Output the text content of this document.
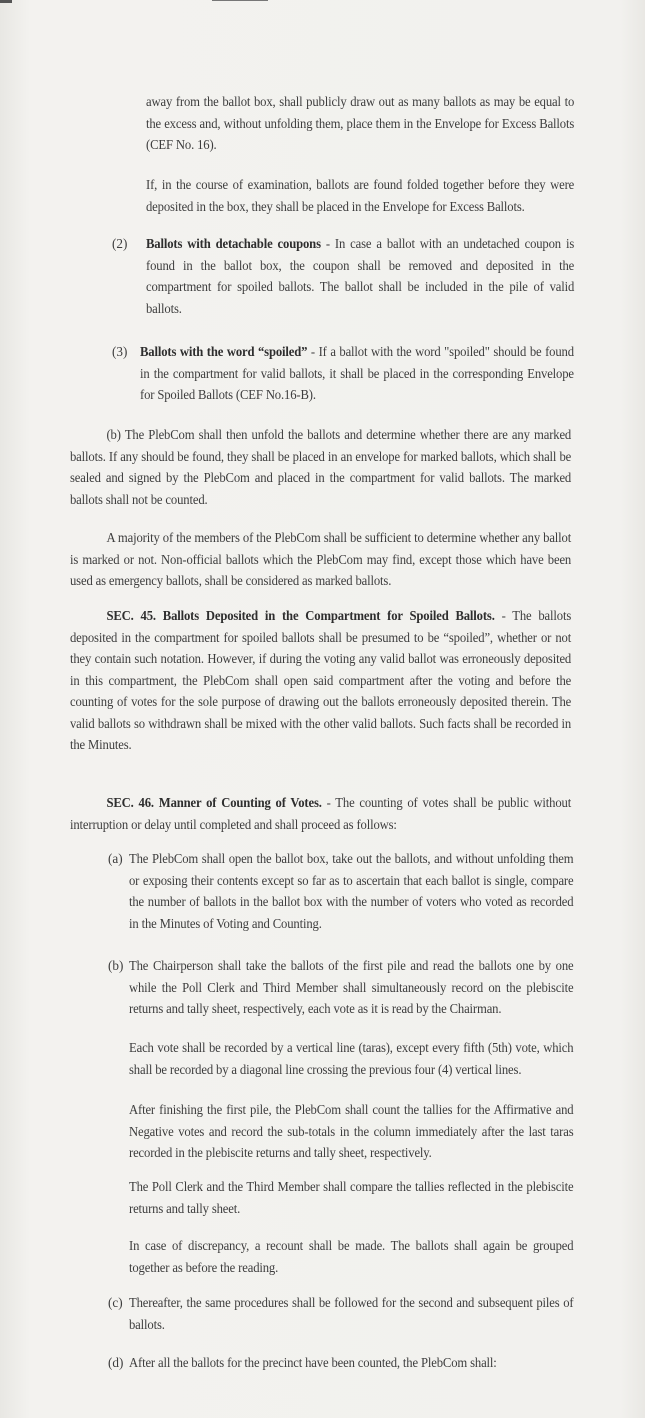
away from the ballot box, shall publicly draw out as many ballots as may be equal to the excess and, without unfolding them, place them in the Envelope for Excess Ballots (CEF No. 16).
If, in the course of examination, ballots are found folded together before they were deposited in the box, they shall be placed in the Envelope for Excess Ballots.
(2) Ballots with detachable coupons - In case a ballot with an undetached coupon is found in the ballot box, the coupon shall be removed and deposited in the compartment for spoiled ballots. The ballot shall be included in the pile of valid ballots.
(3) Ballots with the word “spoiled” - If a ballot with the word "spoiled" should be found in the compartment for valid ballots, it shall be placed in the corresponding Envelope for Spoiled Ballots (CEF No.16-B).
(b) The PlebCom shall then unfold the ballots and determine whether there are any marked ballots. If any should be found, they shall be placed in an envelope for marked ballots, which shall be sealed and signed by the PlebCom and placed in the compartment for valid ballots. The marked ballots shall not be counted.
A majority of the members of the PlebCom shall be sufficient to determine whether any ballot is marked or not. Non-official ballots which the PlebCom may find, except those which have been used as emergency ballots, shall be considered as marked ballots.
SEC. 45. Ballots Deposited in the Compartment for Spoiled Ballots. - The ballots deposited in the compartment for spoiled ballots shall be presumed to be “spoiled”, whether or not they contain such notation. However, if during the voting any valid ballot was erroneously deposited in this compartment, the PlebCom shall open said compartment after the voting and before the counting of votes for the sole purpose of drawing out the ballots erroneously deposited therein. The valid ballots so withdrawn shall be mixed with the other valid ballots. Such facts shall be recorded in the Minutes.
SEC. 46. Manner of Counting of Votes. - The counting of votes shall be public without interruption or delay until completed and shall proceed as follows:
(a) The PlebCom shall open the ballot box, take out the ballots, and without unfolding them or exposing their contents except so far as to ascertain that each ballot is single, compare the number of ballots in the ballot box with the number of voters who voted as recorded in the Minutes of Voting and Counting.
(b) The Chairperson shall take the ballots of the first pile and read the ballots one by one while the Poll Clerk and Third Member shall simultaneously record on the plebiscite returns and tally sheet, respectively, each vote as it is read by the Chairman.
Each vote shall be recorded by a vertical line (taras), except every fifth (5th) vote, which shall be recorded by a diagonal line crossing the previous four (4) vertical lines.
After finishing the first pile, the PlebCom shall count the tallies for the Affirmative and Negative votes and record the sub-totals in the column immediately after the last taras recorded in the plebiscite returns and tally sheet, respectively.
The Poll Clerk and the Third Member shall compare the tallies reflected in the plebiscite returns and tally sheet.
In case of discrepancy, a recount shall be made. The ballots shall again be grouped together as before the reading.
(c) Thereafter, the same procedures shall be followed for the second and subsequent piles of ballots.
(d) After all the ballots for the precinct have been counted, the PlebCom shall:
